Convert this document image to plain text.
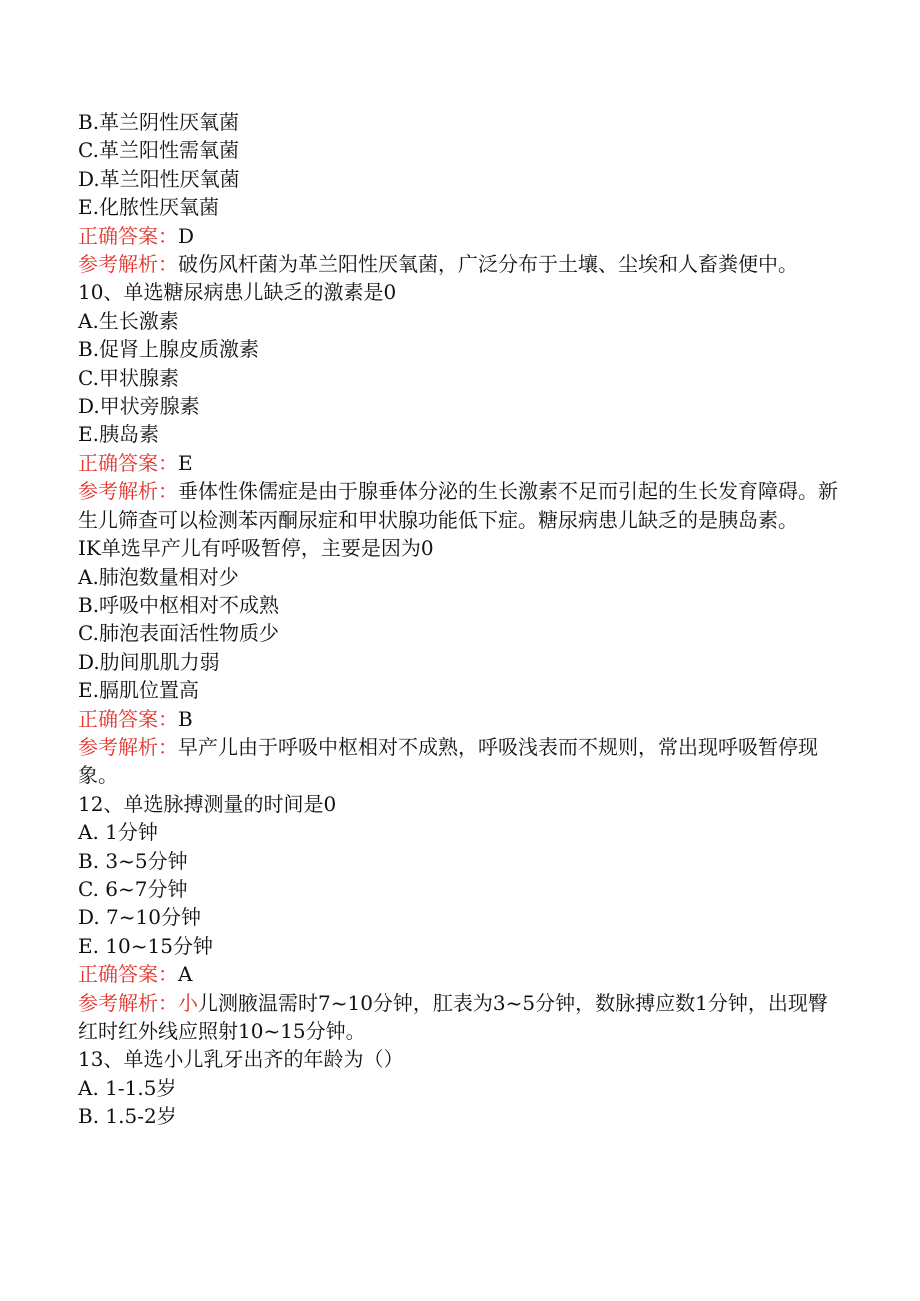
B.革兰阴性厌氧菌

C.革兰阳性需氧菌

D.革兰阳性厌氧菌

E.化脓性厌氧菌

正确答案：D

参考解析：破伤风杆菌为革兰阳性厌氧菌，广泛分布于土壤、尘埃和人畜粪便中。

10、单选糖尿病患儿缺乏的激素是0

A.生长激素

B.促肾上腺皮质激素

C.甲状腺素

D.甲状旁腺素

E.胰岛素

正确答案：E

参考解析：垂体性侏儒症是由于腺垂体分泌的生长激素不足而引起的生长发育障碍。新生儿筛查可以检测苯丙酮尿症和甲状腺功能低下症。糖尿病患儿缺乏的是胰岛素。

IK单选早产儿有呼吸暂停，主要是因为0

A.肺泡数量相对少

B.呼吸中枢相对不成熟

C.肺泡表面活性物质少

D.肋间肌肌力弱

E.膈肌位置高

正确答案：B

参考解析：早产儿由于呼吸中枢相对不成熟，呼吸浅表而不规则，常出现呼吸暂停现象。

12、单选脉搏测量的时间是0

A. 1分钟

B. 3~5分钟

C. 6~7分钟

D. 7~10分钟

E. 10~15分钟

正确答案：A

参考解析：小儿测腋温需时7~10分钟，肛表为3~5分钟，数脉搏应数1分钟，出现臀红时红外线应照射10~15分钟。

13、单选小儿乳牙出齐的年龄为（）

A. 1-1.5岁

B. 1.5-2岁
